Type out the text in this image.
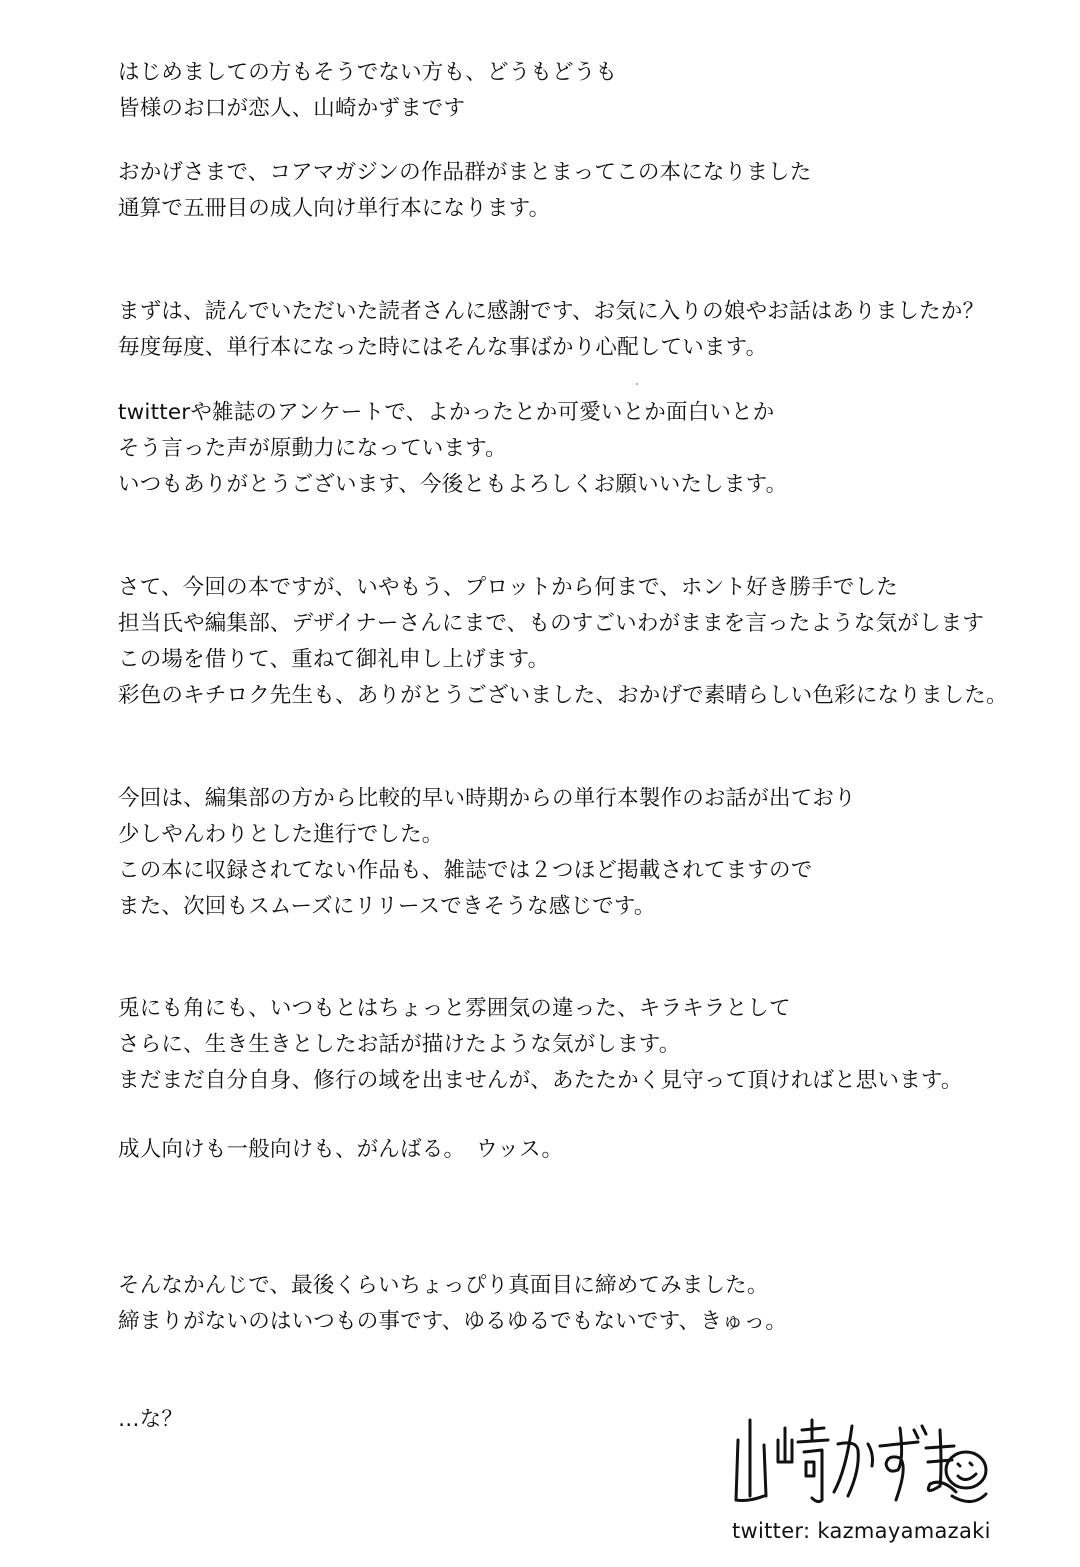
はじめましての方もそうでない方も、どうもどうも
皆様のお口が恋人、山崎かずまです
おかげさまで、コアマガジンの作品群がまとまってこの本になりました
通算で五冊目の成人向け単行本になります。
まずは、読んでいただいた読者さんに感謝です、お気に入りの娘やお話はありましたか？
毎度毎度、単行本になった時にはそんな事ばかり心配しています。
twitterや雑誌のアンケートで、よかったとか可愛いとか面白いとか
そう言った声が原動力になっています。
いつもありがとうございます、今後ともよろしくお願いいたします。
さて、今回の本ですが、いやもう、プロットから何まで、ホント好き勝手でした
担当氏や編集部、デザイナーさんにまで、ものすごいわがままを言ったような気がします
この場を借りて、重ねて御礼申し上げます。
彩色のキチロク先生も、ありがとうございました、おかげで素晴らしい色彩になりました。
今回は、編集部の方から比較的早い時期からの単行本製作のお話が出ており
少しやんわりとした進行でした。
この本に収録されてない作品も、雑誌では２つほど掲載されてますので
また、次回もスムーズにリリースできそうな感じです。
兎にも角にも、いつもとはちょっと雰囲気の違った、キラキラとして
さらに、生き生きとしたお話が描けたような気がします。
まだまだ自分自身、修行の域を出ませんが、あたたかく見守って頂ければと思います。
成人向けも一般向けも、がんばる。　ウッス。
そんなかんじで、最後くらいちょっぴり真面目に締めてみました。
締まりがないのはいつもの事です、ゆるゆるでもないです、きゅっ。
…な？
twitter: kazmayamazaki
